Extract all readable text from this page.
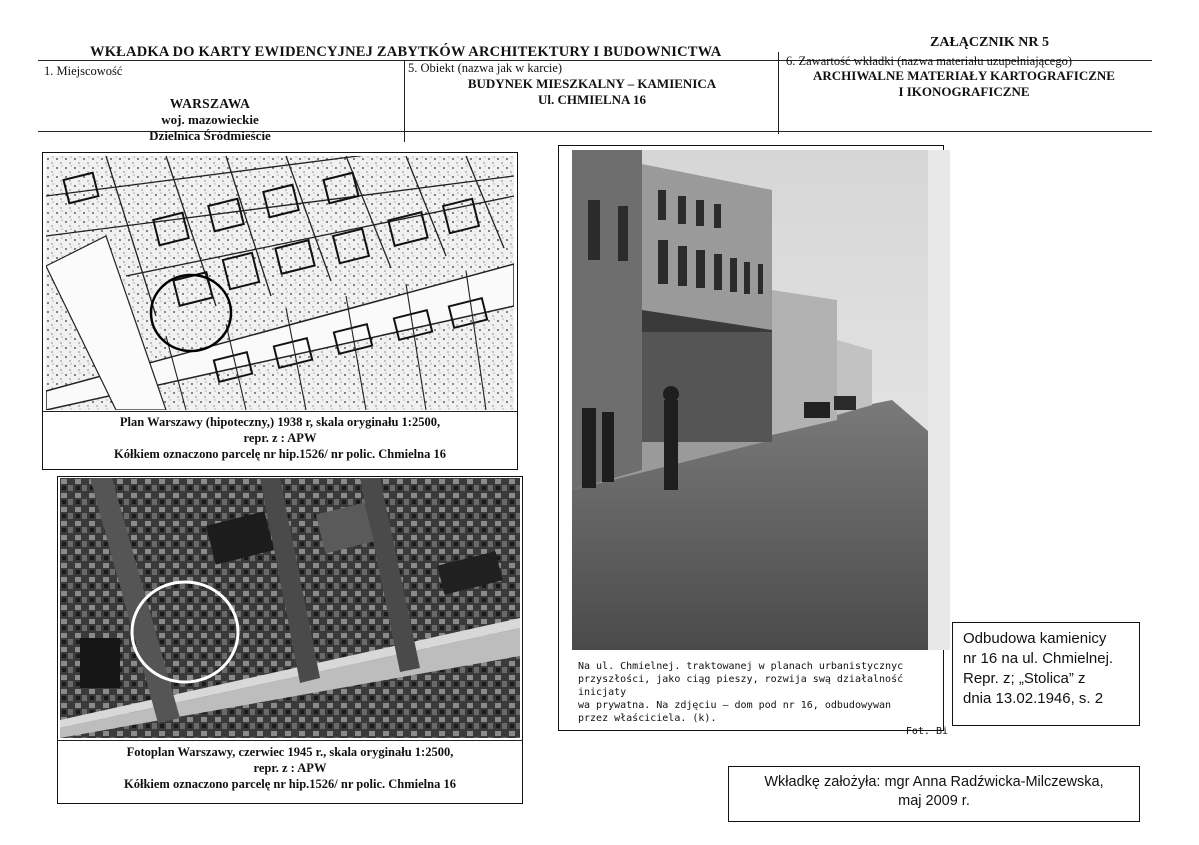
WKŁADKA DO KARTY EWIDENCYJNEJ ZABYTKÓW ARCHITEKTURY I BUDOWNICTWA
ZAŁĄCZNIK NR 5
1. Miejscowość
WARSZAWA
woj. mazowieckie
Dzielnica Śródmieście
5. Obiekt (nazwa jak w karcie)
BUDYNEK MIESZKALNY – KAMIENICA
Ul. CHMIELNA 16
6. Zawartość wkładki (nazwa materiału uzupełniającego)
ARCHIWALNE MATERIAŁY KARTOGRAFICZNE
I IKONOGRAFICZNE
Plan Warszawy (hipoteczny,) 1938 r, skala oryginału 1:2500,
repr. z : APW
Kółkiem oznaczono parcelę nr hip.1526/ nr polic. Chmielna 16
Fotoplan Warszawy, czerwiec 1945 r., skala oryginału 1:2500,
repr. z : APW
Kółkiem oznaczono parcelę nr hip.1526/ nr polic. Chmielna 16
Na ul. Chmielnej. traktowanej w planach urbanistycznyc
przyszłości, jako ciąg pieszy, rozwija swą działalność inicjaty
wa prywatna. Na zdjęciu — dom pod nr 16, odbudowywan
przez właściciela. (k).
Fot. Bi
Odbudowa kamienicy
nr 16 na ul. Chmielnej.
Repr. z; „Stolica” z
dnia 13.02.1946, s. 2
Wkładkę założyła: mgr Anna Radźwicka-Milczewska,
maj 2009 r.
